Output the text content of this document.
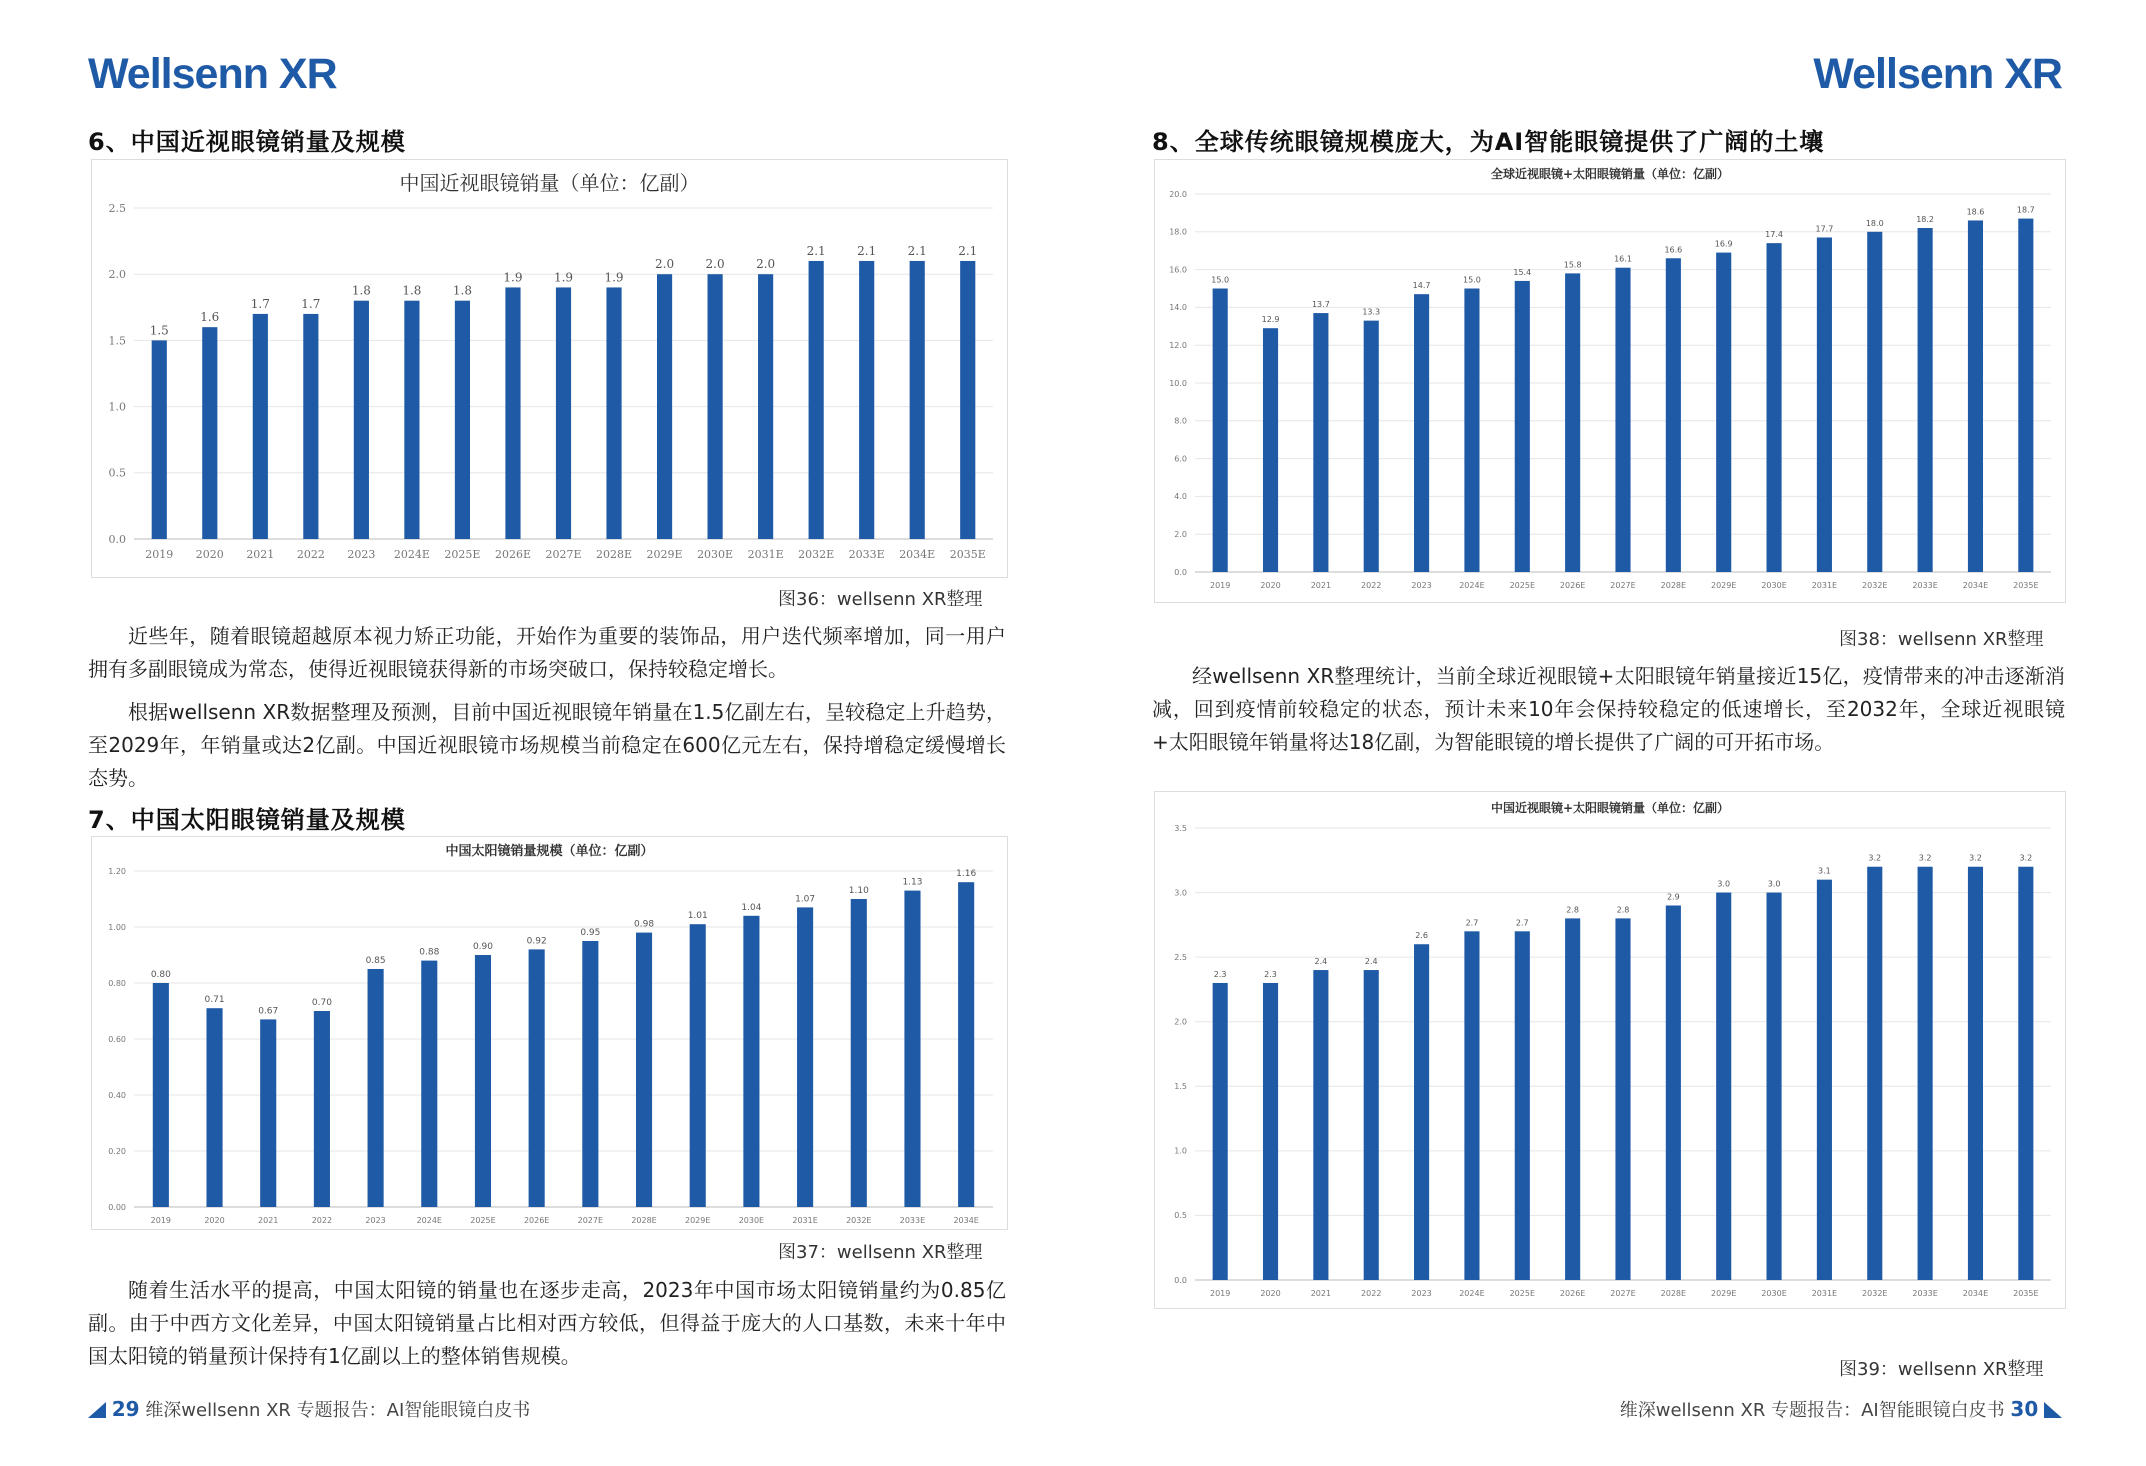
Wellsenn XR
6、中国近视眼镜销量及规模
中国近视眼镜销量（单位：亿副）
0.0
0.5
1.0
1.5
2.0
2.5
1.5
2019
1.6
2020
1.7
2021
1.7
2022
1.8
2023
1.8
2024E
1.8
2025E
1.9
2026E
1.9
2027E
1.9
2028E
2.0
2029E
2.0
2030E
2.0
2031E
2.1
2032E
2.1
2033E
2.1
2034E
2.1
2035E
图36：wellsenn XR整理

近些年，随着眼镜超越原本视力矫正功能，开始作为重要的装饰品，用户迭代频率增加，同一用户拥有多副眼镜成为常态，使得近视眼镜获得新的市场突破口，保持较稳定增长。

根据wellsenn XR数据整理及预测，目前中国近视眼镜年销量在1.5亿副左右，呈较稳定上升趋势，至2029年，年销量或达2亿副。中国近视眼镜市场规模当前稳定在600亿元左右，保持增稳定缓慢增长态势。

7、中国太阳眼镜销量及规模
中国太阳镜销量规模（单位：亿副）
0.00
0.20
0.40
0.60
0.80
1.00
1.20
0.80
2019
0.71
2020
0.67
2021
0.70
2022
0.85
2023
0.88
2024E
0.90
2025E
0.92
2026E
0.95
2027E
0.98
2028E
1.01
2029E
1.04
2030E
1.07
2031E
1.10
2032E
1.13
2033E
1.16
2034E
图37：wellsenn XR整理

随着生活水平的提高，中国太阳镜的销量也在逐步走高，2023年中国市场太阳镜销量约为0.85亿副。由于中西方文化差异，中国太阳镜销量占比相对西方较低，但得益于庞大的人口基数，未来十年中国太阳镜的销量预计保持有1亿副以上的整体销售规模。

29 维深wellsenn XR 专题报告：AI智能眼镜白皮书
Wellsenn XR
8、全球传统眼镜规模庞大，为AI智能眼镜提供了广阔的土壤
全球近视眼镜+太阳眼镜销量（单位：亿副）
0.0
2.0
4.0
6.0
8.0
10.0
12.0
14.0
16.0
18.0
20.0
15.0
2019
12.9
2020
13.7
2021
13.3
2022
14.7
2023
15.0
2024E
15.4
2025E
15.8
2026E
16.1
2027E
16.6
2028E
16.9
2029E
17.4
2030E
17.7
2031E
18.0
2032E
18.2
2033E
18.6
2034E
18.7
2035E
图38：wellsenn XR整理

经wellsenn XR整理统计，当前全球近视眼镜+太阳眼镜年销量接近15亿，疫情带来的冲击逐渐消减，回到疫情前较稳定的状态，预计未来10年会保持较稳定的低速增长，至2032年，全球近视眼镜+太阳眼镜年销量将达18亿副，为智能眼镜的增长提供了广阔的可开拓市场。

中国近视眼镜+太阳眼镜销量（单位：亿副）
0.0
0.5
1.0
1.5
2.0
2.5
3.0
3.5
2.3
2019
2.3
2020
2.4
2021
2.4
2022
2.6
2023
2.7
2024E
2.7
2025E
2.8
2026E
2.8
2027E
2.9
2028E
3.0
2029E
3.0
2030E
3.1
2031E
3.2
2032E
3.2
2033E
3.2
2034E
3.2
2035E
图39：wellsenn XR整理
维深wellsenn XR 专题报告：AI智能眼镜白皮书 30
